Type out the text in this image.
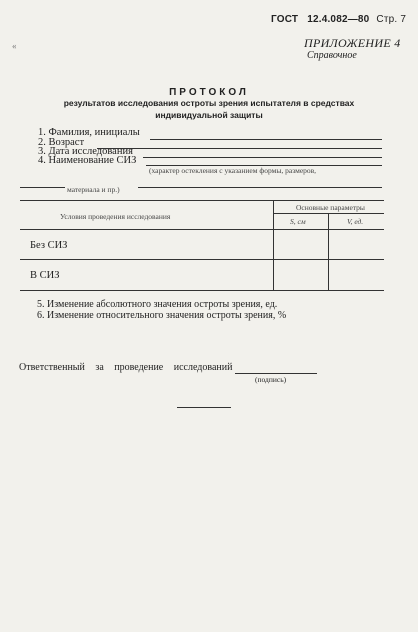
ГОСТ 12.4.082—80 Стр. 7
«	ПРИЛОЖЕНИЕ 4
Справочное
ПРОТОКОЛ
результатов исследования остроты зрения испытателя в средствах
индивидуальной защиты
1. Фамилия, инициалы
2. Возраст
3. Дата исследования
4. Наименование СИЗ
(характер остекления с указанием формы, размеров,
материала и пр.)
Условия проведения исследования
Основные параметры
S, см	V, ед.
Без СИЗ
В СИЗ
5. Изменение абсолютного значения остроты зрения, ед.
6. Изменение относительного значения остроты зрения, %
Ответственный за проведение исследований
(подпись)
